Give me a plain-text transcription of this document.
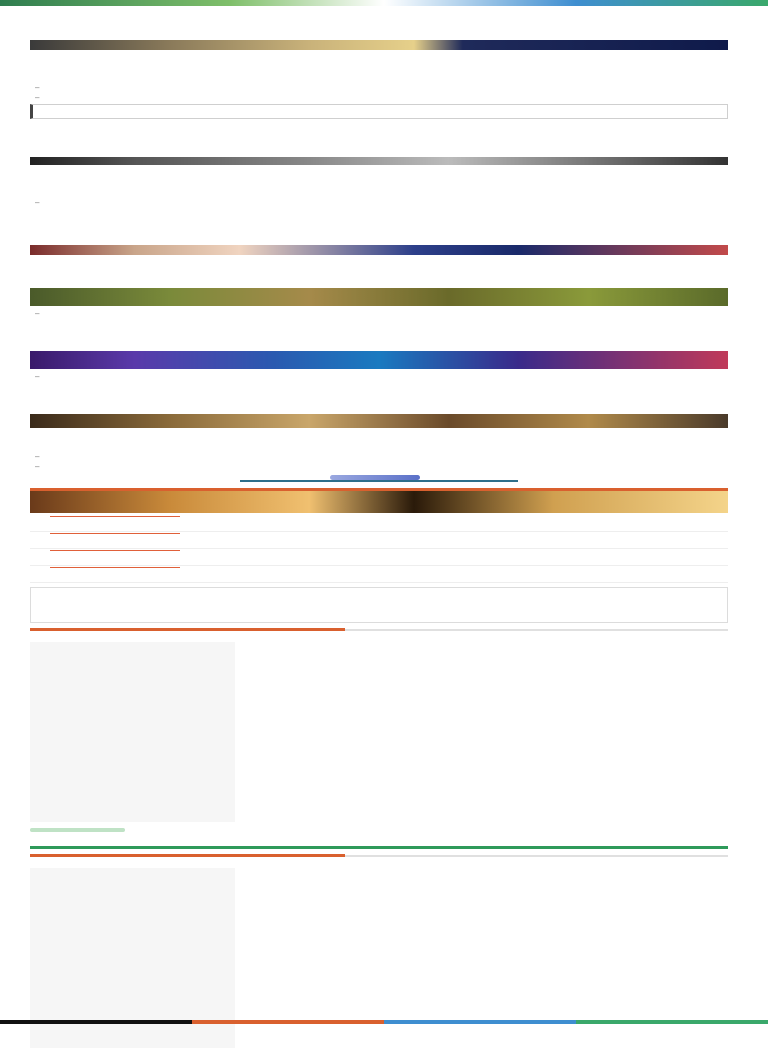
–
–
–
–
–
–
–
